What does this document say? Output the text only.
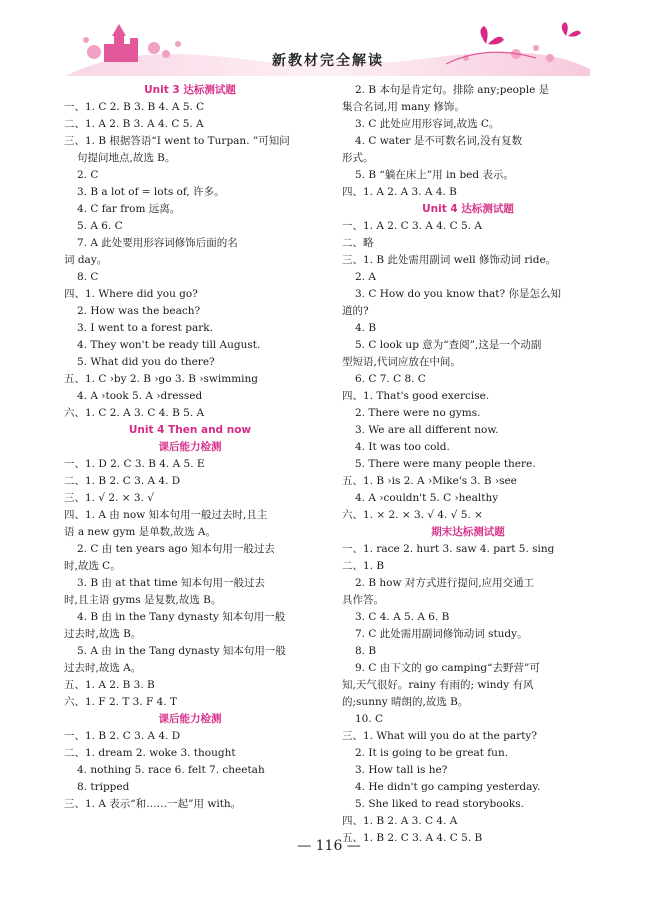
新教材完全解读
Unit 3 达标测试题
一、1. C 2. B 3. B 4. A 5. C
二、1. A 2. B 3. A 4. C 5. A
三、1. B 根据答语“I went to Turpan. ”可知问
句提问地点,故选 B。
2. C
3. B a lot of = lots of, 许多。
4. C far from 远离。
5. A 6. C
7. A 此处要用形容词修饰后面的名
词 day。
8. C
四、1. Where did you go?
2. How was the beach?
3. I went to a forest park.
4. They won't be ready till August.
5. What did you do there?
五、1. C ›by 2. B ›go 3. B ›swimming
4. A ›took 5. A ›dressed
六、1. C 2. A 3. C 4. B 5. A
Unit 4 Then and now
课后能力检测
一、1. D 2. C 3. B 4. A 5. E
二、1. B 2. C 3. A 4. D
三、1. √ 2. × 3. √
四、1. A 由 now 知本句用一般过去时,且主
语 a new gym 是单数,故选 A。
2. C 由 ten years ago 知本句用一般过去
时,故选 C。
3. B 由 at that time 知本句用一般过去
时,且主语 gyms 是复数,故选 B。
4. B 由 in the Tany dynasty 知本句用一般
过去时,故选 B。
5. A 由 in the Tang dynasty 知本句用一般
过去时,故选 A。
五、1. A 2. B 3. B
六、1. F 2. T 3. F 4. T
课后能力检测
一、1. B 2. C 3. A 4. D
二、1. dream 2. woke 3. thought
4. nothing 5. race 6. felt 7. cheetah
8. tripped
三、1. A 表示“和……一起”用 with。
2. B 本句是肯定句。排除 any;people 是
集合名词,用 many 修饰。
3. C 此处应用形容词,故选 C。
4. C water 是不可数名词,没有复数
形式。
5. B “躺在床上”用 in bed 表示。
四、1. A 2. A 3. A 4. B
Unit 4 达标测试题
一、1. A 2. C 3. A 4. C 5. A
二、略
三、1. B 此处需用副词 well 修饰动词 ride。
2. A
3. C How do you know that? 你是怎么知
道的?
4. B
5. C look up 意为“查阅”,这是一个动副
型短语,代词应放在中间。
6. C 7. C 8. C
四、1. That's good exercise.
2. There were no gyms.
3. We are all different now.
4. It was too cold.
5. There were many people there.
五、1. B ›is 2. A ›Mike's 3. B ›see
4. A ›couldn't 5. C ›healthy
六、1. × 2. × 3. √ 4. √ 5. ×
期末达标测试题
一、1. race 2. hurt 3. saw 4. part 5. sing
二、1. B
2. B how 对方式进行提问,应用交通工
具作答。
3. C 4. A 5. A 6. B
7. C 此处需用副词修饰动词 study。
8. B
9. C 由下文的 go camping“去野营”可
知,天气很好。rainy 有雨的; windy 有风
的;sunny 晴朗的,故选 B。
10. C
三、1. What will you do at the party?
2. It is going to be great fun.
3. How tall is he?
4. He didn't go camping yesterday.
5. She liked to read storybooks.
四、1. B 2. A 3. C 4. A
五、1. B 2. C 3. A 4. C 5. B
— 116 —
